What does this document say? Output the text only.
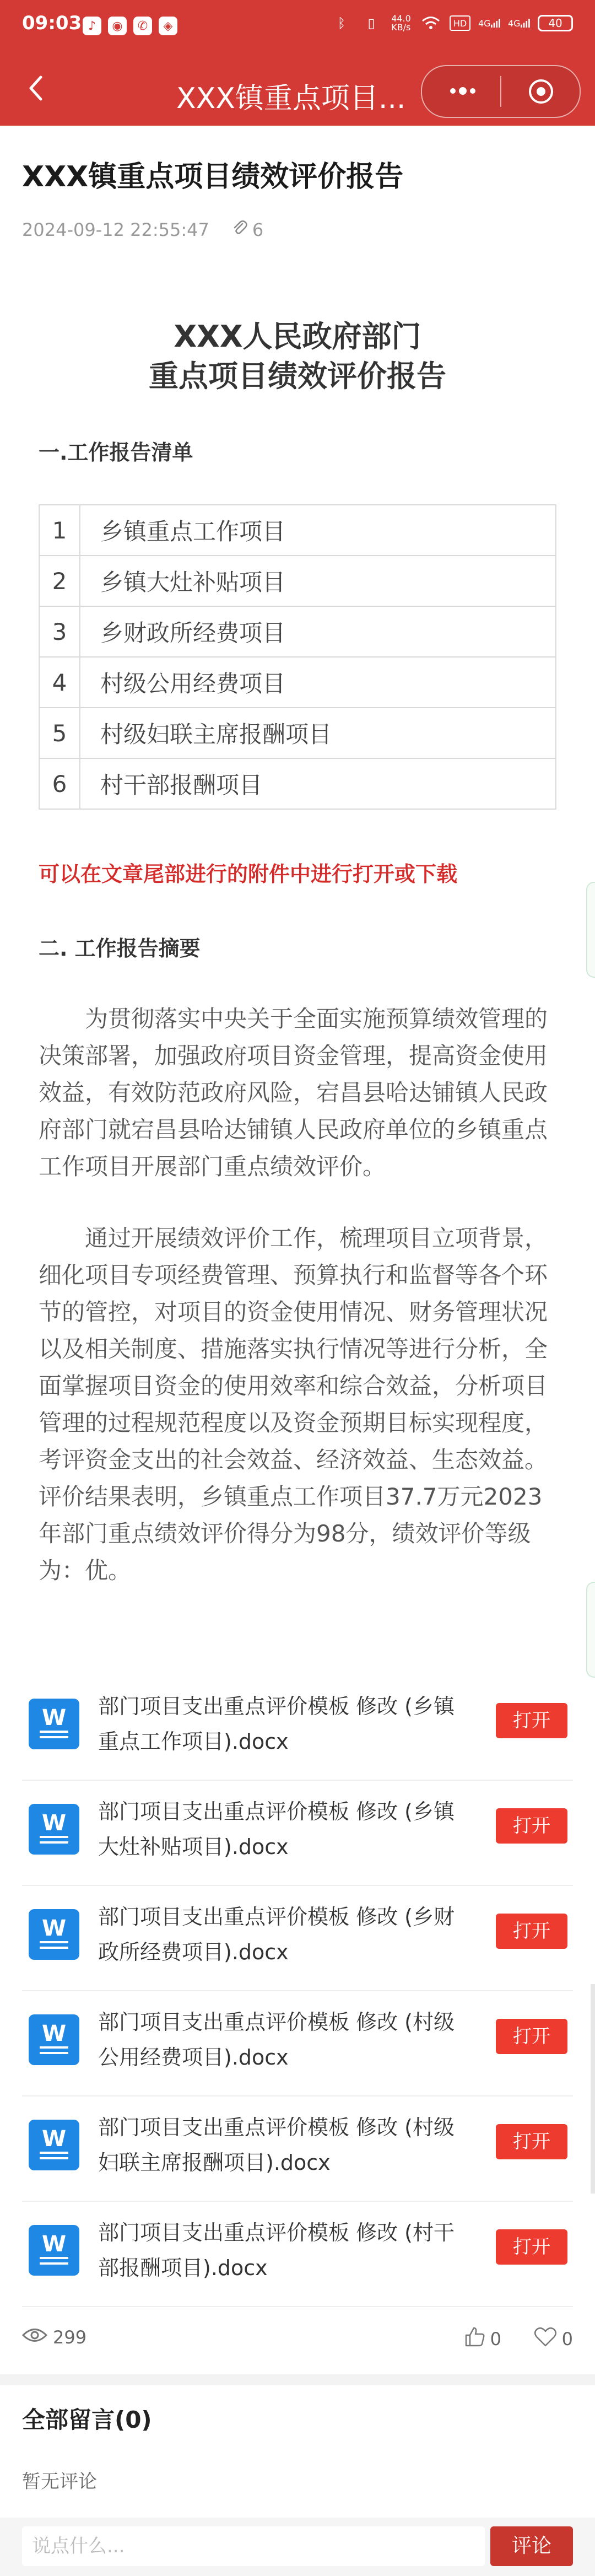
09:03 ♪	◉	✆	◈	ᛒ	▯	44.0
KB/s	HD	4G 4G	40
XXX镇重点项目...
XXX镇重点项目绩效评价报告
2024-09-12 22:55:47 6
XXX人民政府部门
重点项目绩效评价报告
一.工作报告清单
1	乡镇重点工作项目
2	乡镇大灶补贴项目
3	乡财政所经费项目
4	村级公用经费项目
5	村级妇联主席报酬项目
6	村干部报酬项目
可以在文章尾部进行的附件中进行打开或下载
二. 工作报告摘要
为贯彻落实中央关于全面实施预算绩效管理的决策部署，加强政府项目资金管理，提高资金使用效益，有效防范政府风险，宕昌县哈达铺镇人民政府部门就宕昌县哈达铺镇人民政府单位的乡镇重点工作项目开展部门重点绩效评价。
通过开展绩效评价工作，梳理项目立项背景，细化项目专项经费管理、预算执行和监督等各个环节的管控，对项目的资金使用情况、财务管理状况以及相关制度、措施落实执行情况等进行分析，全面掌握项目资金的使用效率和综合效益，分析项目管理的过程规范程度以及资金预期目标实现程度，考评资金支出的社会效益、经济效益、生态效益。评价结果表明，乡镇重点工作项目37.7万元2023年部门重点绩效评价得分为98分，绩效评价等级为：优。
W 部门项目支出重点评价模板 修改 (乡镇重点工作项目).docx
打开
W 部门项目支出重点评价模板 修改 (乡镇大灶补贴项目).docx
打开
W 部门项目支出重点评价模板 修改 (乡财政所经费项目).docx
打开
W 部门项目支出重点评价模板 修改 (村级公用经费项目).docx
打开
W 部门项目支出重点评价模板 修改 (村级妇联主席报酬项目).docx
打开
W 部门项目支出重点评价模板 修改 (村干部报酬项目).docx
打开
299	0	0
全部留言(0)
暂无评论
说点什么...	评论
